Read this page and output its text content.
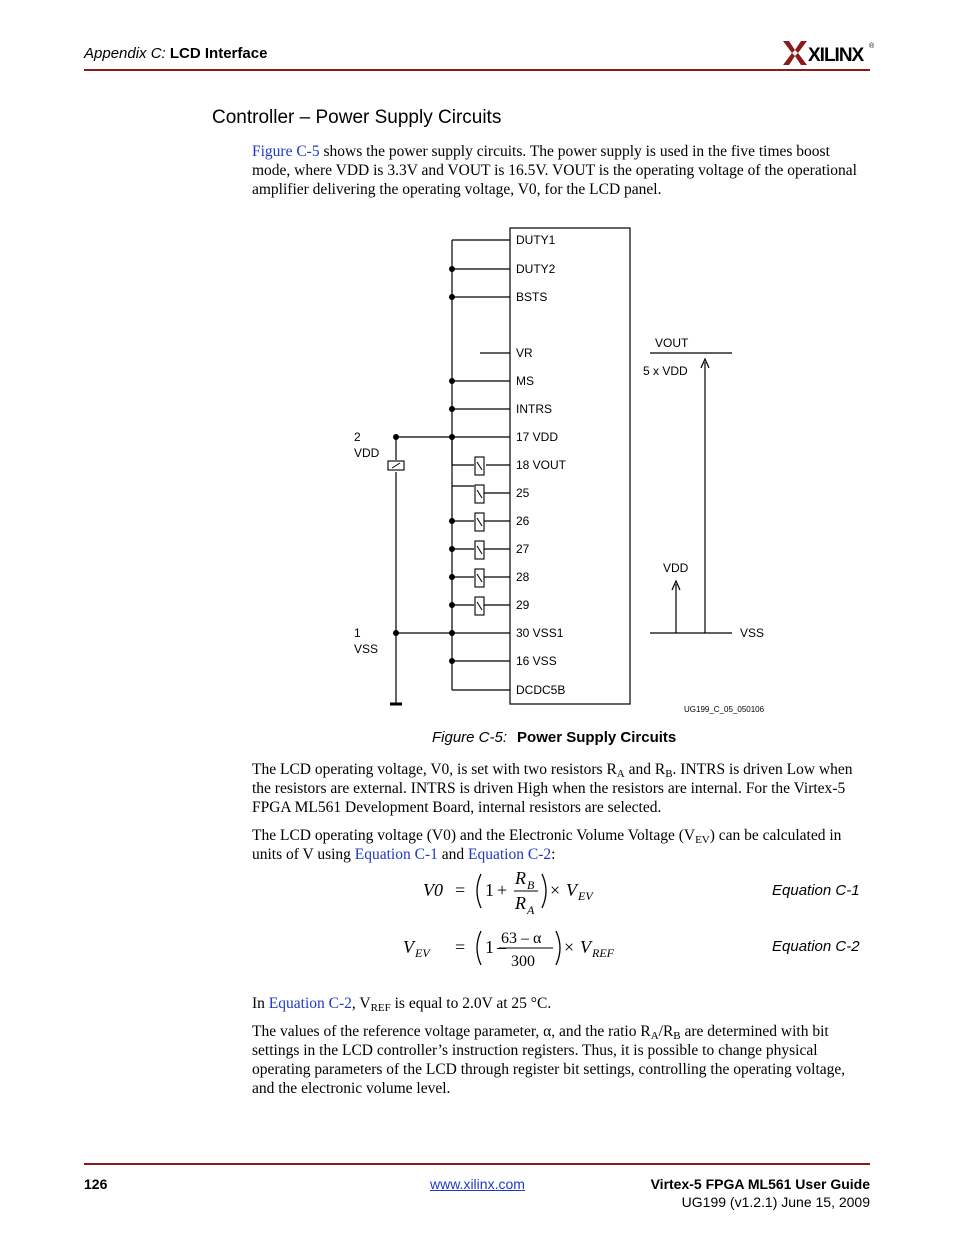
Appendix C: LCD Interface	XILINX ®
Controller – Power Supply Circuits
Figure C-5 shows the power supply circuits. The power supply is used in the five times boost mode, where VDD is 3.3V and VOUT is 16.5V. VOUT is the operating voltage of the operational amplifier delivering the operating voltage, V0, for the LCD panel.
DUTY1
DUTY2
BSTS
VR
MS
INTRS
17 VDD
18 VOUT
25
26
27
28
29
30 VSS1
16 VSS
DCDC5B
2
VDD
1
VSS
VOUT
5 x VDD
VDD
VSS
UG199_C_05_050106
Figure C-5: Power Supply Circuits
The LCD operating voltage, V0, is set with two resistors $R_A$ and $R_B$. INTRS is driven Low when the resistors are external. INTRS is driven High when the resistors are internal. For the Virtex-5 FPGA ML561 Development Board, internal resistors are selected.
The LCD operating voltage (V0) and the Electronic Volume Voltage $(V_{EV})$ can be calculated in units of V using Equation C-1 and Equation C-2:
V0 = 1 +
R B
R A
× V EV	Equation C-1
V EV = 1 –
63 – α
300
× V REF	Equation C-2
In Equation C-2, $V_{REF}$ is equal to 2.0V at 25 °C.
The values of the reference voltage parameter, α, and the ratio $R_A/R_B$ are determined with bit settings in the LCD controller’s instruction registers. Thus, it is possible to change physical operating parameters of the LCD through register bit settings, controlling the operating voltage, and the electronic volume level.
126	www.xilinx.com	Virtex-5 FPGA ML561 User Guide
UG199 (v1.2.1) June 15, 2009
